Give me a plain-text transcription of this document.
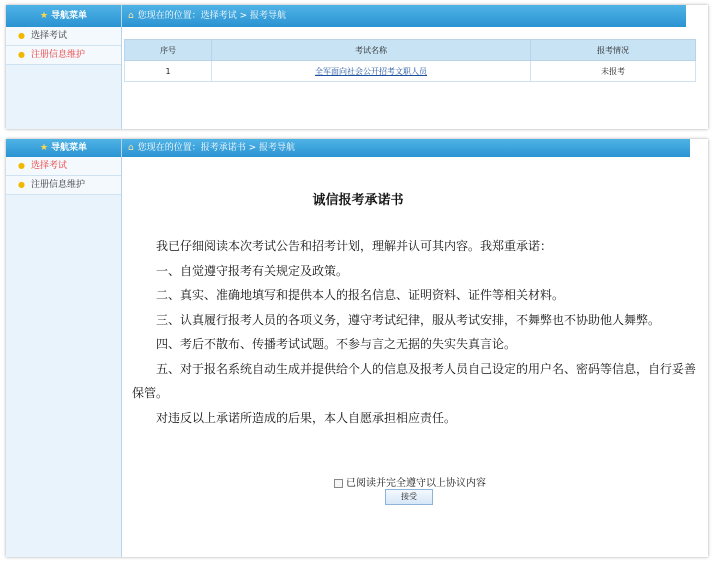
★ 导航菜单
● 选择考试
● 注册信息维护
⌂ 您现在的位置：选择考试 > 报考导航
序号	考试名称	报考情况
1	全军面向社会公开招考文职人员	未报考
★ 导航菜单
● 选择考试
● 注册信息维护
⌂ 您现在的位置：报考承诺书 > 报考导航
诚信报考承诺书

我已仔细阅读本次考试公告和招考计划，理解并认可其内容。我郑重承诺：

一、自觉遵守报考有关规定及政策。

二、真实、准确地填写和提供本人的报名信息、证明资料、证件等相关材料。

三、认真履行报考人员的各项义务，遵守考试纪律，服从考试安排，不舞弊也不协助他人舞弊。

四、考后不散布、传播考试试题。不参与言之无据的失实失真言论。

五、对于报名系统自动生成并提供给个人的信息及报考人员自己设定的用户名、密码等信息，自行妥善保管。

对违反以上承诺所造成的后果，本人自愿承担相应责任。

已阅读并完全遵守以上协议内容
接受
